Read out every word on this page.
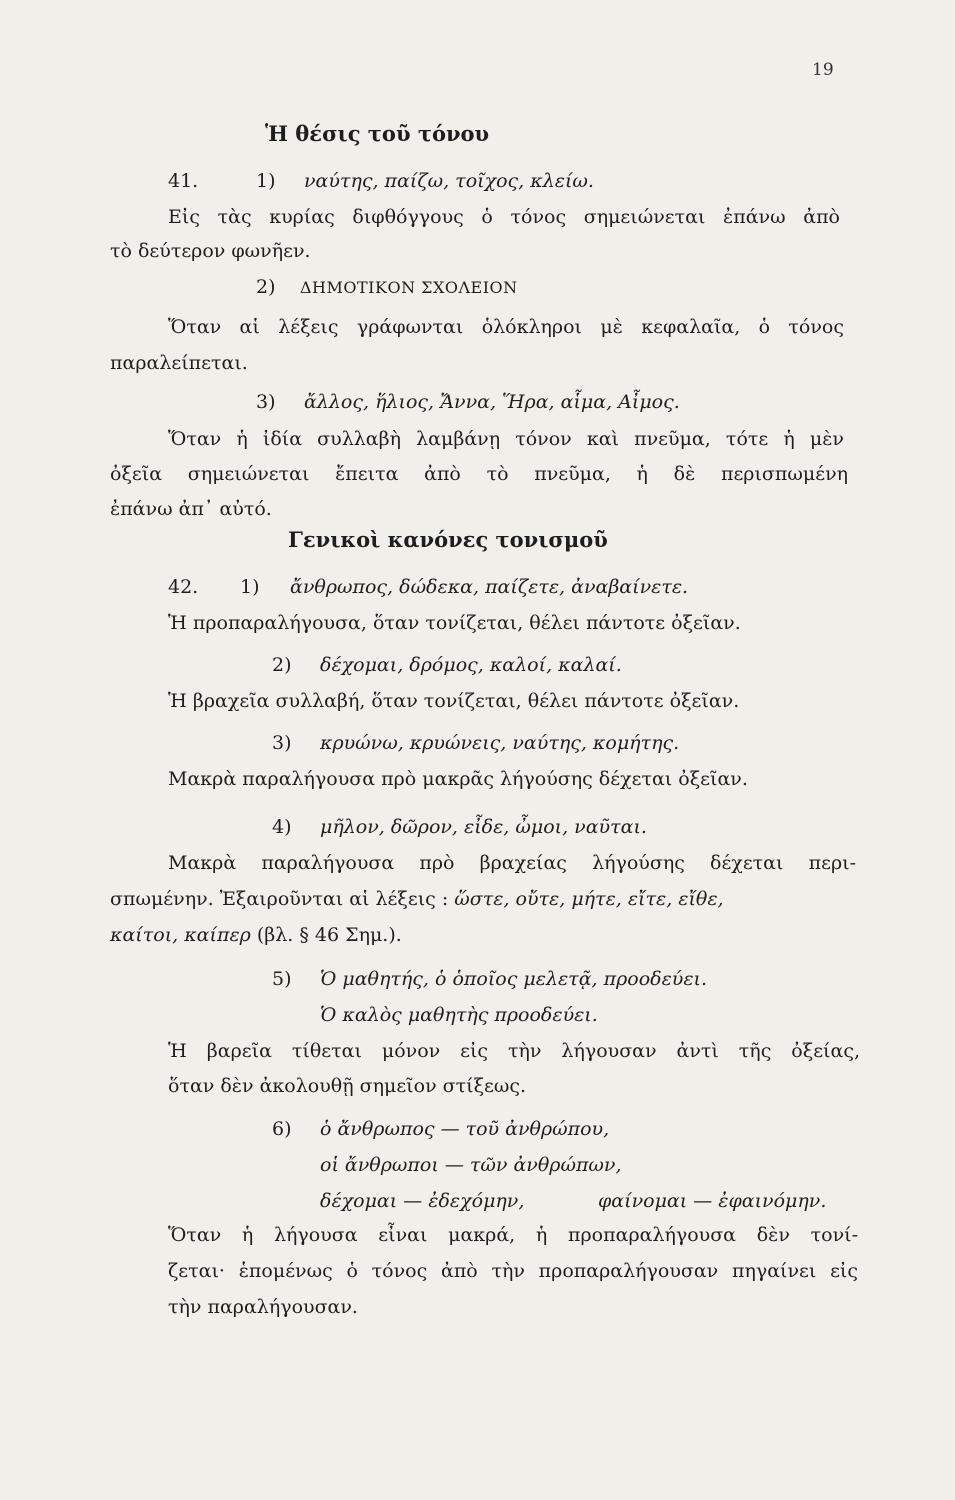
19
Ἡ θέσις τοῦ τόνου
41.	1) ναύτης, παίζω, τοῖχος, κλείω.
Εἰς τὰς κυρίας διφθόγγους ὁ τόνος σημειώνεται ἐπάνω ἀπὸ
τὸ δεύτερον φωνῆεν.
2) ΔΗΜΟΤΙΚΟΝ ΣΧΟΛΕΙΟΝ
Ὅταν αἱ λέξεις γράφωνται ὁλόκληροι μὲ κεφαλαῖα, ὁ τόνος
παραλείπεται.
3) ἄλλος, ἥλιος, Ἄννα, Ἥρα, αἷμα, Αἶμος.
Ὅταν ἡ ἰδία συλλαβὴ λαμβάνῃ τόνον καὶ πνεῦμα, τότε ἡ μὲν
ὀξεῖα σημειώνεται ἔπειτα ἀπὸ τὸ πνεῦμα, ἡ δὲ περισπωμένη
ἐπάνω ἀπ᾿ αὐτό.
Γενικοὶ κανόνες τονισμοῦ
42. 1) ἄνθρωπος, δώδεκα, παίζετε, ἀναβαίνετε.
Ἡ προπαραλήγουσα, ὅταν τονίζεται, θέλει πάντοτε ὀξεῖαν.
2) δέχομαι, δρόμος, καλοί, καλαί.
Ἡ βραχεῖα συλλαβή, ὅταν τονίζεται, θέλει πάντοτε ὀξεῖαν.
3) κρυώνω, κρυώνεις, ναύτης, κομήτης.
Μακρὰ παραλήγουσα πρὸ μακρᾶς λήγούσης δέχεται ὀξεῖαν.
4) μῆλον, δῶρον, εἶδε, ὦμοι, ναῦται.
Μακρὰ παραλήγουσα πρὸ βραχείας λήγούσης δέχεται περι-
σπωμένην. Ἐξαιροῦνται αἱ λέξεις : ὥστε, οὔτε, μήτε, εἴτε, εἴθε,
καίτοι, καίπερ (βλ. § 46 Σημ.).
5) Ὁ μαθητής, ὁ ὁποῖος μελετᾷ, προοδεύει.
Ὁ καλὸς μαθητὴς προοδεύει.
Ἡ βαρεῖα τίθεται μόνον εἰς τὴν λήγουσαν ἀντὶ τῆς ὀξείας,
ὅταν δὲν ἀκολουθῇ σημεῖον στίξεως.
6) ὁ ἄνθρωπος — τοῦ ἀνθρώπου,
οἱ ἄνθρωποι — τῶν ἀνθρώπων,
δέχομαι — ἐδεχόμην,	φαίνομαι — ἐφαινόμην.
Ὅταν ἡ λήγουσα εἶναι μακρά, ἡ προπαραλήγουσα δὲν τονί-
ζεται· ἑπομένως ὁ τόνος ἀπὸ τὴν προπαραλήγουσαν πηγαίνει εἰς
τὴν παραλήγουσαν.
